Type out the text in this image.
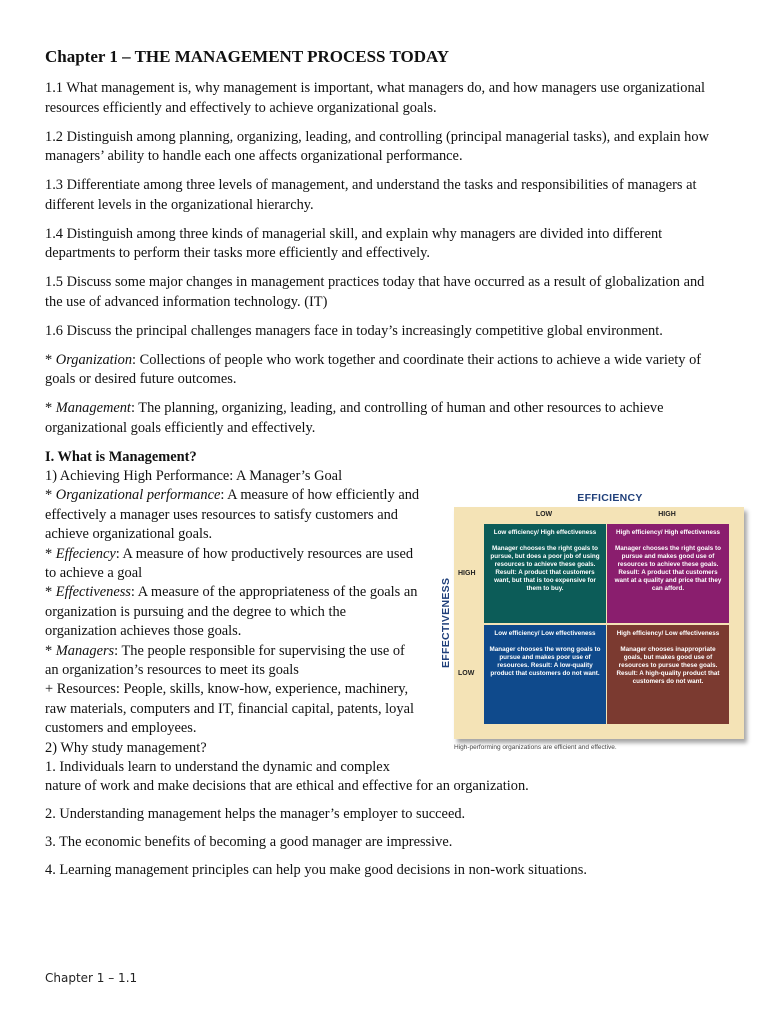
Chapter 1 – THE MANAGEMENT PROCESS TODAY

1.1 What management is, why management is important, what managers do, and how managers use organizational resources efficiently and effectively to achieve organizational goals.

1.2 Distinguish among planning, organizing, leading, and controlling (principal managerial tasks), and explain how managers’ ability to handle each one affects organizational performance.

1.3 Differentiate among three levels of management, and understand the tasks and responsibilities of managers at different levels in the organizational hierarchy.

1.4 Distinguish among three kinds of managerial skill, and explain why managers are divided into different departments to perform their tasks more efficiently and effectively.

1.5 Discuss some major changes in management practices today that have occurred as a result of globalization and the use of advanced information technology. (IT)

1.6 Discuss the principal challenges managers face in today’s increasingly competitive global environment.

* Organization: Collections of people who work together and coordinate their actions to achieve a wide variety of goals or desired future outcomes.

* Management: The planning, organizing, leading, and controlling of human and other resources to achieve organizational goals efficiently and effectively.

I. What is Management?
1) Achieving High Performance: A Manager’s Goal
* Organizational performance: A measure of how efficiently and effectively a manager uses resources to satisfy customers and achieve organizational goals.
* Effeciency: A measure of how productively resources are used to achieve a goal
* Effectiveness: A measure of the appropriateness of the goals an organization is pursuing and the degree to which the organization achieves those goals.
* Managers: The people responsible for supervising the use of an organization’s resources to meet its goals
+ Resources: People, skills, know-how, experience, machinery, raw materials, computers and IT, financial capital, patents, loyal customers and employees.
2) Why study management?
1. Individuals learn to understand the dynamic and complex

nature of work and make decisions that are ethical and effective for an organization.

2. Understanding management helps the manager’s employer to succeed.

3. The economic benefits of becoming a good manager are impressive.

4. Learning management principles can help you make good decisions in non-work situations.

EFFICIENCY
LOW	HIGH
HIGH
LOW
Low efficiency/ High effectiveness
Manager chooses the right goals to pursue, but does a poor job of using resources to achieve these goals. Result: A product that customers want, but that is too expensive for them to buy.
High efficiency/ High effectiveness
Manager chooses the right goals to pursue and makes good use of resources to achieve these goals. Result: A product that customers want at a quality and price that they can afford.
Low efficiency/ Low effectiveness
Manager chooses the wrong goals to pursue and makes poor use of resources. Result: A low-quality product that customers do not want.
High efficiency/ Low effectiveness
Manager chooses inappropriate goals, but makes good use of resources to pursue these goals. Result: A high-quality product that customers do not want.
High-performing organizations are efficient and effective.
EFFECTIVENESS
Chapter 1 – 1.1
